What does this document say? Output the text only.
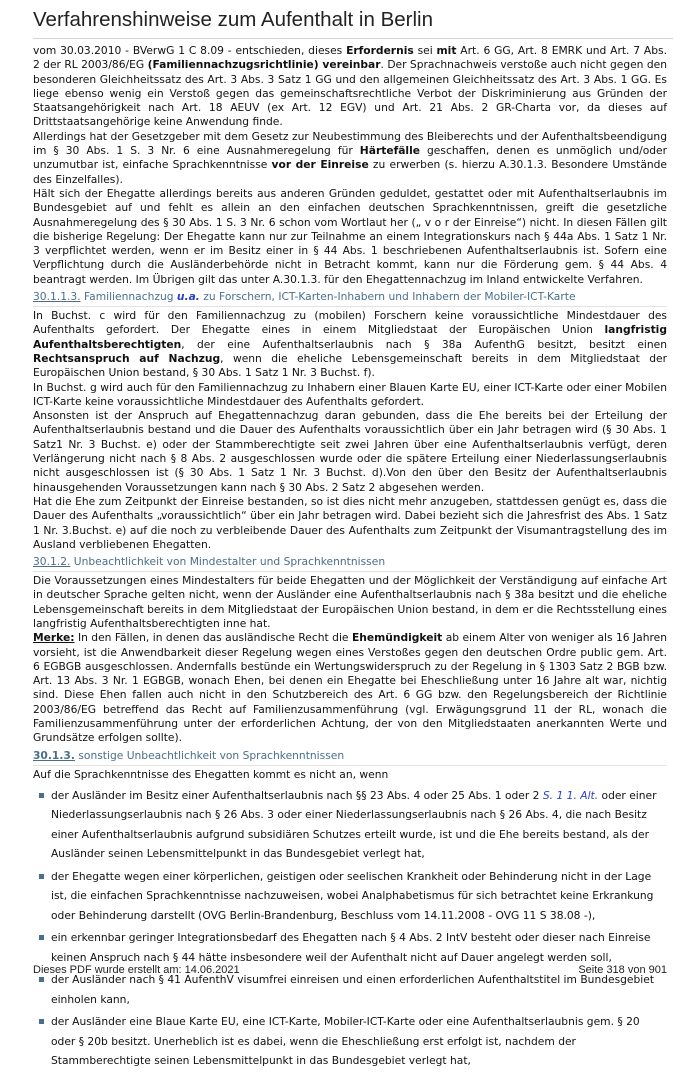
Verfahrenshinweise zum Aufenthalt in Berlin

vom 30.03.2010 - BVerwG 1 C 8.09 - entschieden, dieses Erfordernis sei mit Art. 6 GG, Art. 8 EMRK und Art. 7 Abs. 2 der RL 2003/86/EG (Familiennachzugsrichtlinie) vereinbar. Der Sprachnachweis verstoße auch nicht gegen den besonderen Gleichheitssatz des Art. 3 Abs. 3 Satz 1 GG und den allgemeinen Gleichheitssatz des Art. 3 Abs. 1 GG. Es liege ebenso wenig ein Verstoß gegen das gemeinschaftsrechtliche Verbot der Diskriminierung aus Gründen der Staatsangehörigkeit nach Art. 18 AEUV (ex Art. 12 EGV) und Art. 21 Abs. 2 GR-Charta vor, da dieses auf Drittstaatsangehörige keine Anwendung finde.

Allerdings hat der Gesetzgeber mit dem Gesetz zur Neubestimmung des Bleiberechts und der Aufenthaltsbeendigung im § 30 Abs. 1 S. 3 Nr. 6 eine Ausnahmeregelung für Härtefälle geschaffen, denen es unmöglich und/oder unzumutbar ist, einfache Sprachkenntnisse vor der Einreise zu erwerben (s. hierzu A.30.1.3. Besondere Umstände des Einzelfalles).

Hält sich der Ehegatte allerdings bereits aus anderen Gründen geduldet, gestattet oder mit Aufenthaltserlaubnis im Bundesgebiet auf und fehlt es allein an den einfachen deutschen Sprachkenntnissen, greift die gesetzliche Ausnahmeregelung des § 30 Abs. 1 S. 3 Nr. 6 schon vom Wortlaut her („ v o r der Einreise“) nicht. In diesen Fällen gilt die bisherige Regelung: Der Ehegatte kann nur zur Teilnahme an einem Integrationskurs nach § 44a Abs. 1 Satz 1 Nr. 3 verpflichtet werden, wenn er im Besitz einer in § 44 Abs. 1 beschriebenen Aufenthaltserlaubnis ist. Sofern eine Verpflichtung durch die Ausländerbehörde nicht in Betracht kommt, kann nur die Förderung gem. § 44 Abs. 4 beantragt werden. Im Übrigen gilt das unter A.30.1.3. für den Ehegattennachzug im Inland entwickelte Verfahren.

30.1.1.3. Familiennachzug u.a. zu Forschern, ICT-Karten-Inhabern und Inhabern der Mobiler-ICT-Karte

In Buchst. c wird für den Familiennachzug zu (mobilen) Forschern keine voraussichtliche Mindestdauer des Aufenthalts gefordert. Der Ehegatte eines in einem Mitgliedstaat der Europäischen Union langfristig Aufenthaltsberechtigten, der eine Aufenthaltserlaubnis nach § 38a AufenthG besitzt, besitzt einen Rechtsanspruch auf Nachzug, wenn die eheliche Lebensgemeinschaft bereits in dem Mitgliedstaat der Europäischen Union bestand, § 30 Abs. 1 Satz 1 Nr. 3 Buchst. f).

In Buchst. g wird auch für den Familiennachzug zu Inhabern einer Blauen Karte EU, einer ICT-Karte oder einer Mobilen ICT-Karte keine voraussichtliche Mindestdauer des Aufenthalts gefordert.

Ansonsten ist der Anspruch auf Ehegattennachzug daran gebunden, dass die Ehe bereits bei der Erteilung der Aufenthaltserlaubnis bestand und die Dauer des Aufenthalts voraussichtlich über ein Jahr betragen wird (§ 30 Abs. 1 Satz1 Nr. 3 Buchst. e) oder der Stammberechtigte seit zwei Jahren über eine Aufenthaltserlaubnis verfügt, deren Verlängerung nicht nach § 8 Abs. 2 ausgeschlossen wurde oder die spätere Erteilung einer Niederlassungserlaubnis nicht ausgeschlossen ist (§ 30 Abs. 1 Satz 1 Nr. 3 Buchst. d).Von den über den Besitz der Aufenthaltserlaubnis hinausgehenden Voraussetzungen kann nach § 30 Abs. 2 Satz 2 abgesehen werden.

Hat die Ehe zum Zeitpunkt der Einreise bestanden, so ist dies nicht mehr anzugeben, stattdessen genügt es, dass die Dauer des Aufenthalts „voraussichtlich“ über ein Jahr betragen wird. Dabei bezieht sich die Jahresfrist des Abs. 1 Satz 1 Nr. 3.Buchst. e) auf die noch zu verbleibende Dauer des Aufenthalts zum Zeitpunkt der Visumantragstellung des im Ausland verbliebenen Ehegatten.

30.1.2. Unbeachtlichkeit von Mindestalter und Sprachkenntnissen

Die Voraussetzungen eines Mindestalters für beide Ehegatten und der Möglichkeit der Verständigung auf einfache Art in deutscher Sprache gelten nicht, wenn der Ausländer eine Aufenthaltserlaubnis nach § 38a besitzt und die eheliche Lebensgemeinschaft bereits in dem Mitgliedstaat der Europäischen Union bestand, in dem er die Rechtsstellung eines langfristig Aufenthaltsberechtigten inne hat.

Merke: In den Fällen, in denen das ausländische Recht die Ehemündigkeit ab einem Alter von weniger als 16 Jahren vorsieht, ist die Anwendbarkeit dieser Regelung wegen eines Verstoßes gegen den deutschen Ordre public gem. Art. 6 EGBGB ausgeschlossen. Andernfalls bestünde ein Wertungswiderspruch zu der Regelung in § 1303 Satz 2 BGB bzw. Art. 13 Abs. 3 Nr. 1 EGBGB, wonach Ehen, bei denen ein Ehegatte bei Eheschließung unter 16 Jahre alt war, nichtig sind. Diese Ehen fallen auch nicht in den Schutzbereich des Art. 6 GG bzw. den Regelungsbereich der Richtlinie 2003/86/EG betreffend das Recht auf Familienzusammenführung (vgl. Erwägungsgrund 11 der RL, wonach die Familienzusammenführung unter der erforderlichen Achtung, der von den Mitgliedstaaten anerkannten Werte und Grundsätze erfolgen sollte).

30.1.3. sonstige Unbeachtlichkeit von Sprachkenntnissen

Auf die Sprachkenntnisse des Ehegatten kommt es nicht an, wenn

der Ausländer im Besitz einer Aufenthaltserlaubnis nach §§ 23 Abs. 4 oder 25 Abs. 1 oder 2 S. 1 1. Alt. oder einer Niederlassungserlaubnis nach § 26 Abs. 3 oder einer Niederlassungserlaubnis nach § 26 Abs. 4, die nach Besitz einer Aufenthaltserlaubnis aufgrund subsidiären Schutzes erteilt wurde, ist und die Ehe bereits bestand, als der Ausländer seinen Lebensmittelpunkt in das Bundesgebiet verlegt hat,
der Ehegatte wegen einer körperlichen, geistigen oder seelischen Krankheit oder Behinderung nicht in der Lage ist, die einfachen Sprachkenntnisse nachzuweisen, wobei Analphabetismus für sich betrachtet keine Erkrankung oder Behinderung darstellt (OVG Berlin-Brandenburg, Beschluss vom 14.11.2008 - OVG 11 S 38.08 -),
ein erkennbar geringer Integrationsbedarf des Ehegatten nach § 4 Abs. 2 IntV besteht oder dieser nach Einreise keinen Anspruch nach § 44 hätte insbesondere weil der Aufenthalt nicht auf Dauer angelegt werden soll,
der Ausländer nach § 41 AufenthV visumfrei einreisen und einen erforderlichen Aufenthaltstitel im Bundesgebiet einholen kann,
der Ausländer eine Blaue Karte EU, eine ICT-Karte, Mobiler-ICT-Karte oder eine Aufenthaltserlaubnis gem. § 20 oder § 20b besitzt. Unerheblich ist es dabei, wenn die Eheschließung erst erfolgt ist, nachdem der Stammberechtigte seinen Lebensmittelpunkt in das Bundesgebiet verlegt hat,
Dieses PDF wurde erstellt am: 14.06.2021	Seite 318 von 901
